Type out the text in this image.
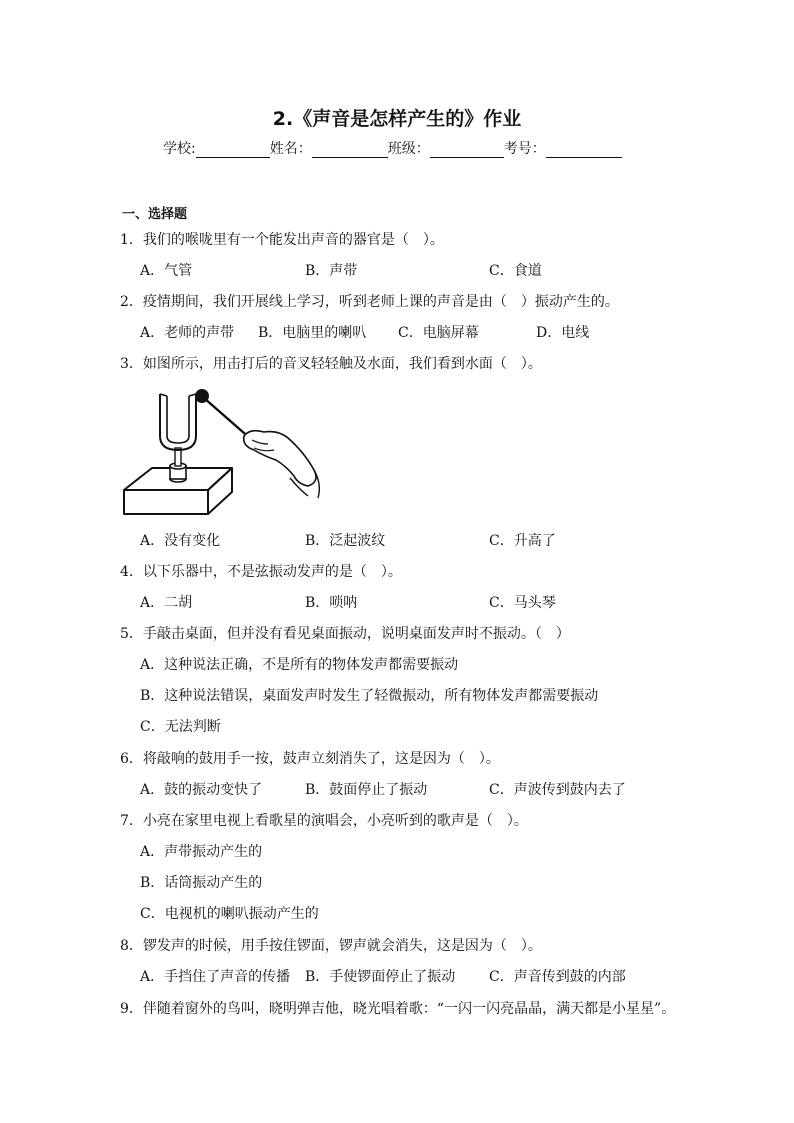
2.《声音是怎样产生的》作业
学校:	姓名：	班级：	考号：
一、选择题
1．我们的喉咙里有一个能发出声音的器官是（　）。
A．气管	B．声带	C．食道
2．疫情期间，我们开展线上学习，听到老师上课的声音是由（　）振动产生的。
A．老师的声带 B．电脑里的喇叭 C．电脑屏幕	D．电线
3．如图所示，用击打后的音叉轻轻触及水面，我们看到水面（　）。
A．没有变化	B．泛起波纹	C．升高了
4．以下乐器中，不是弦振动发声的是（　）。
A．二胡	B．唢呐	C．马头琴
5．手敲击桌面，但并没有看见桌面振动，说明桌面发声时不振动。（　）
A．这种说法正确，不是所有的物体发声都需要振动
B．这种说法错误，桌面发声时发生了轻微振动，所有物体发声都需要振动
C．无法判断
6．将敲响的鼓用手一按，鼓声立刻消失了，这是因为（　）。
A．鼓的振动变快了	B．鼓面停止了振动	C．声波传到鼓内去了
7．小亮在家里电视上看歌星的演唱会，小亮听到的歌声是（　）。
A．声带振动产生的
B．话筒振动产生的
C．电视机的喇叭振动产生的
8．锣发声的时候，用手按住锣面，锣声就会消失，这是因为（　）。
A．手挡住了声音的传播 B．手使锣面停止了振动 C．声音传到鼓的内部
9．伴随着窗外的鸟叫，晓明弹吉他，晓光唱着歌：“一闪一闪亮晶晶，满天都是小星星”。
